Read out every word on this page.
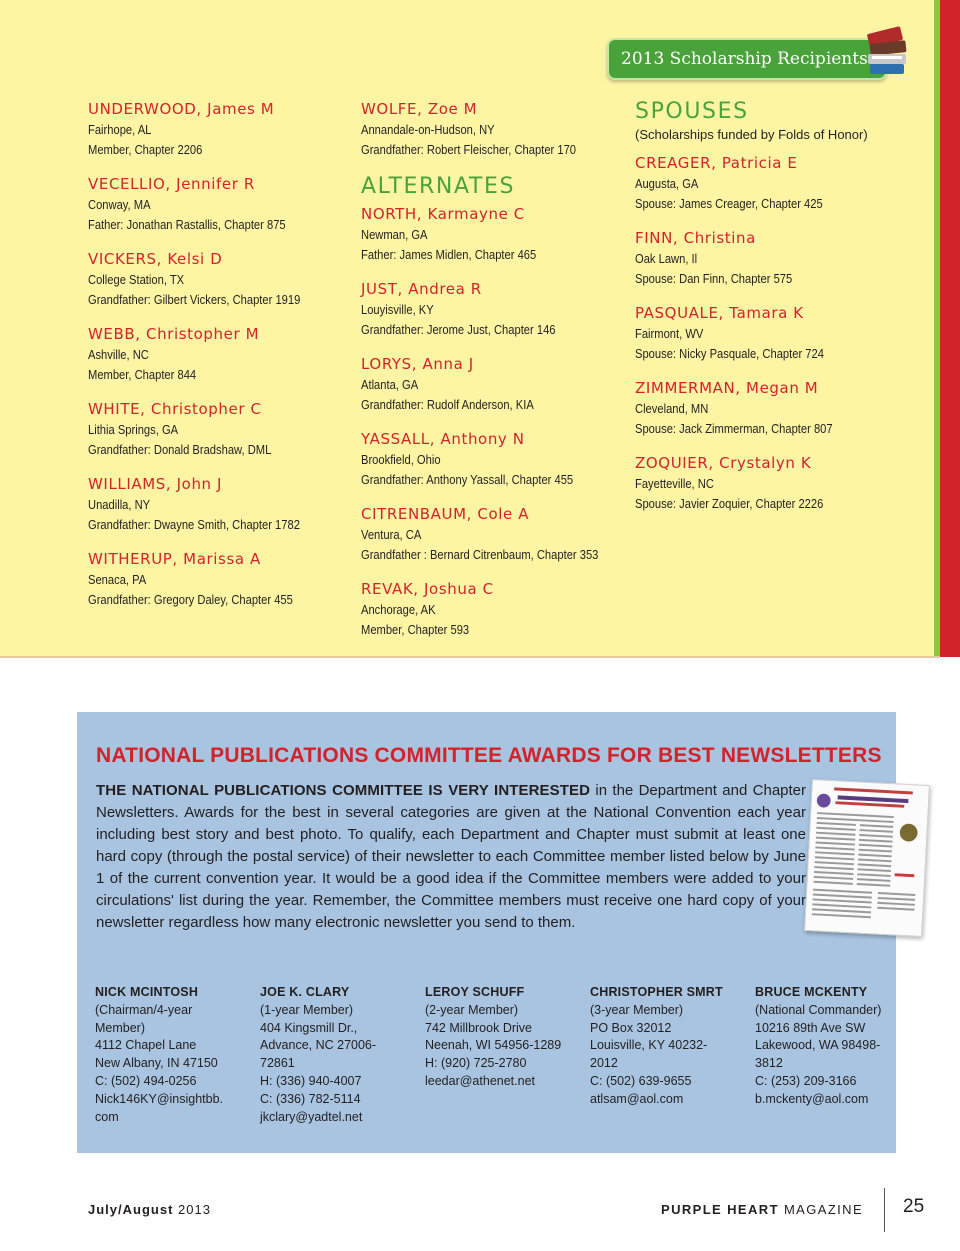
2013 Scholarship Recipients
UNDERWOOD, James M
Fairhope, AL
Member, Chapter 2206
VECELLIO, Jennifer R
Conway, MA
Father: Jonathan Rastallis, Chapter 875
VICKERS, Kelsi D
College Station, TX
Grandfather: Gilbert Vickers, Chapter 1919
WEBB, Christopher M
Ashville, NC
Member, Chapter 844
WHITE, Christopher C
Lithia Springs, GA
Grandfather: Donald Bradshaw, DML
WILLIAMS, John J
Unadilla, NY
Grandfather: Dwayne Smith, Chapter 1782
WITHERUP, Marissa A
Senaca, PA
Grandfather: Gregory Daley, Chapter 455
WOLFE, Zoe M
Annandale-on-Hudson, NY
Grandfather: Robert Fleischer, Chapter 170
ALTERNATES
NORTH, Karmayne C
Newman, GA
Father: James Midlen, Chapter 465
JUST, Andrea R
Louyisville, KY
Grandfather: Jerome Just, Chapter 146
LORYS, Anna J
Atlanta, GA
Grandfather: Rudolf Anderson, KIA
YASSALL, Anthony N
Brookfield, Ohio
Grandfather: Anthony Yassall, Chapter 455
CITRENBAUM, Cole A
Ventura, CA
Grandfather : Bernard Citrenbaum, Chapter 353
REVAK, Joshua C
Anchorage, AK
Member, Chapter 593
SPOUSES
(Scholarships funded by Folds of Honor)
CREAGER, Patricia E
Augusta, GA
Spouse: James Creager, Chapter 425
FINN, Christina
Oak Lawn, Il
Spouse: Dan Finn, Chapter 575
PASQUALE, Tamara K
Fairmont, WV
Spouse: Nicky Pasquale, Chapter 724
ZIMMERMAN, Megan M
Cleveland, MN
Spouse: Jack Zimmerman, Chapter 807
ZOQUIER, Crystalyn K
Fayetteville, NC
Spouse: Javier Zoquier, Chapter 2226
NATIONAL PUBLICATIONS COMMITTEE AWARDS FOR BEST NEWSLETTERS
THE NATIONAL PUBLICATIONS COMMITTEE IS VERY INTERESTED in the Department and Chapter Newsletters. Awards for the best in several categories are given at the National Convention each year including best story and best photo. To qualify, each Department and Chapter must submit at least one hard copy (through the postal service) of their newsletter to each Committee member listed below by June 1 of the current convention year. It would be a good idea if the Committee members were added to your circulations' list during the year. Remember, the Committee members must receive one hard copy of your newsletter regardless how many electronic newsletter you send to them.
NICK MCINTOSH
(Chairman/4-year
Member)
4112 Chapel Lane
New Albany, IN 47150
C: (502) 494-0256
Nick146KY@insightbb.
com
JOE K. CLARY
(1-year Member)
404 Kingsmill Dr.,
Advance, NC 27006-
72861
H: (336) 940-4007
C: (336) 782-5114
jkclary@yadtel.net
LEROY SCHUFF
(2-year Member)
742 Millbrook Drive
Neenah, WI 54956-1289
H: (920) 725-2780
leedar@athenet.net
CHRISTOPHER SMRT
(3-year Member)
PO Box 32012
Louisville, KY 40232-
2012
C: (502) 639-9655
atlsam@aol.com
BRUCE MCKENTY
(National Commander)
10216 89th Ave SW
Lakewood, WA 98498-
3812
C: (253) 209-3166
b.mckenty@aol.com
July/August 2013	PURPLE HEART MAGAZINE 25
